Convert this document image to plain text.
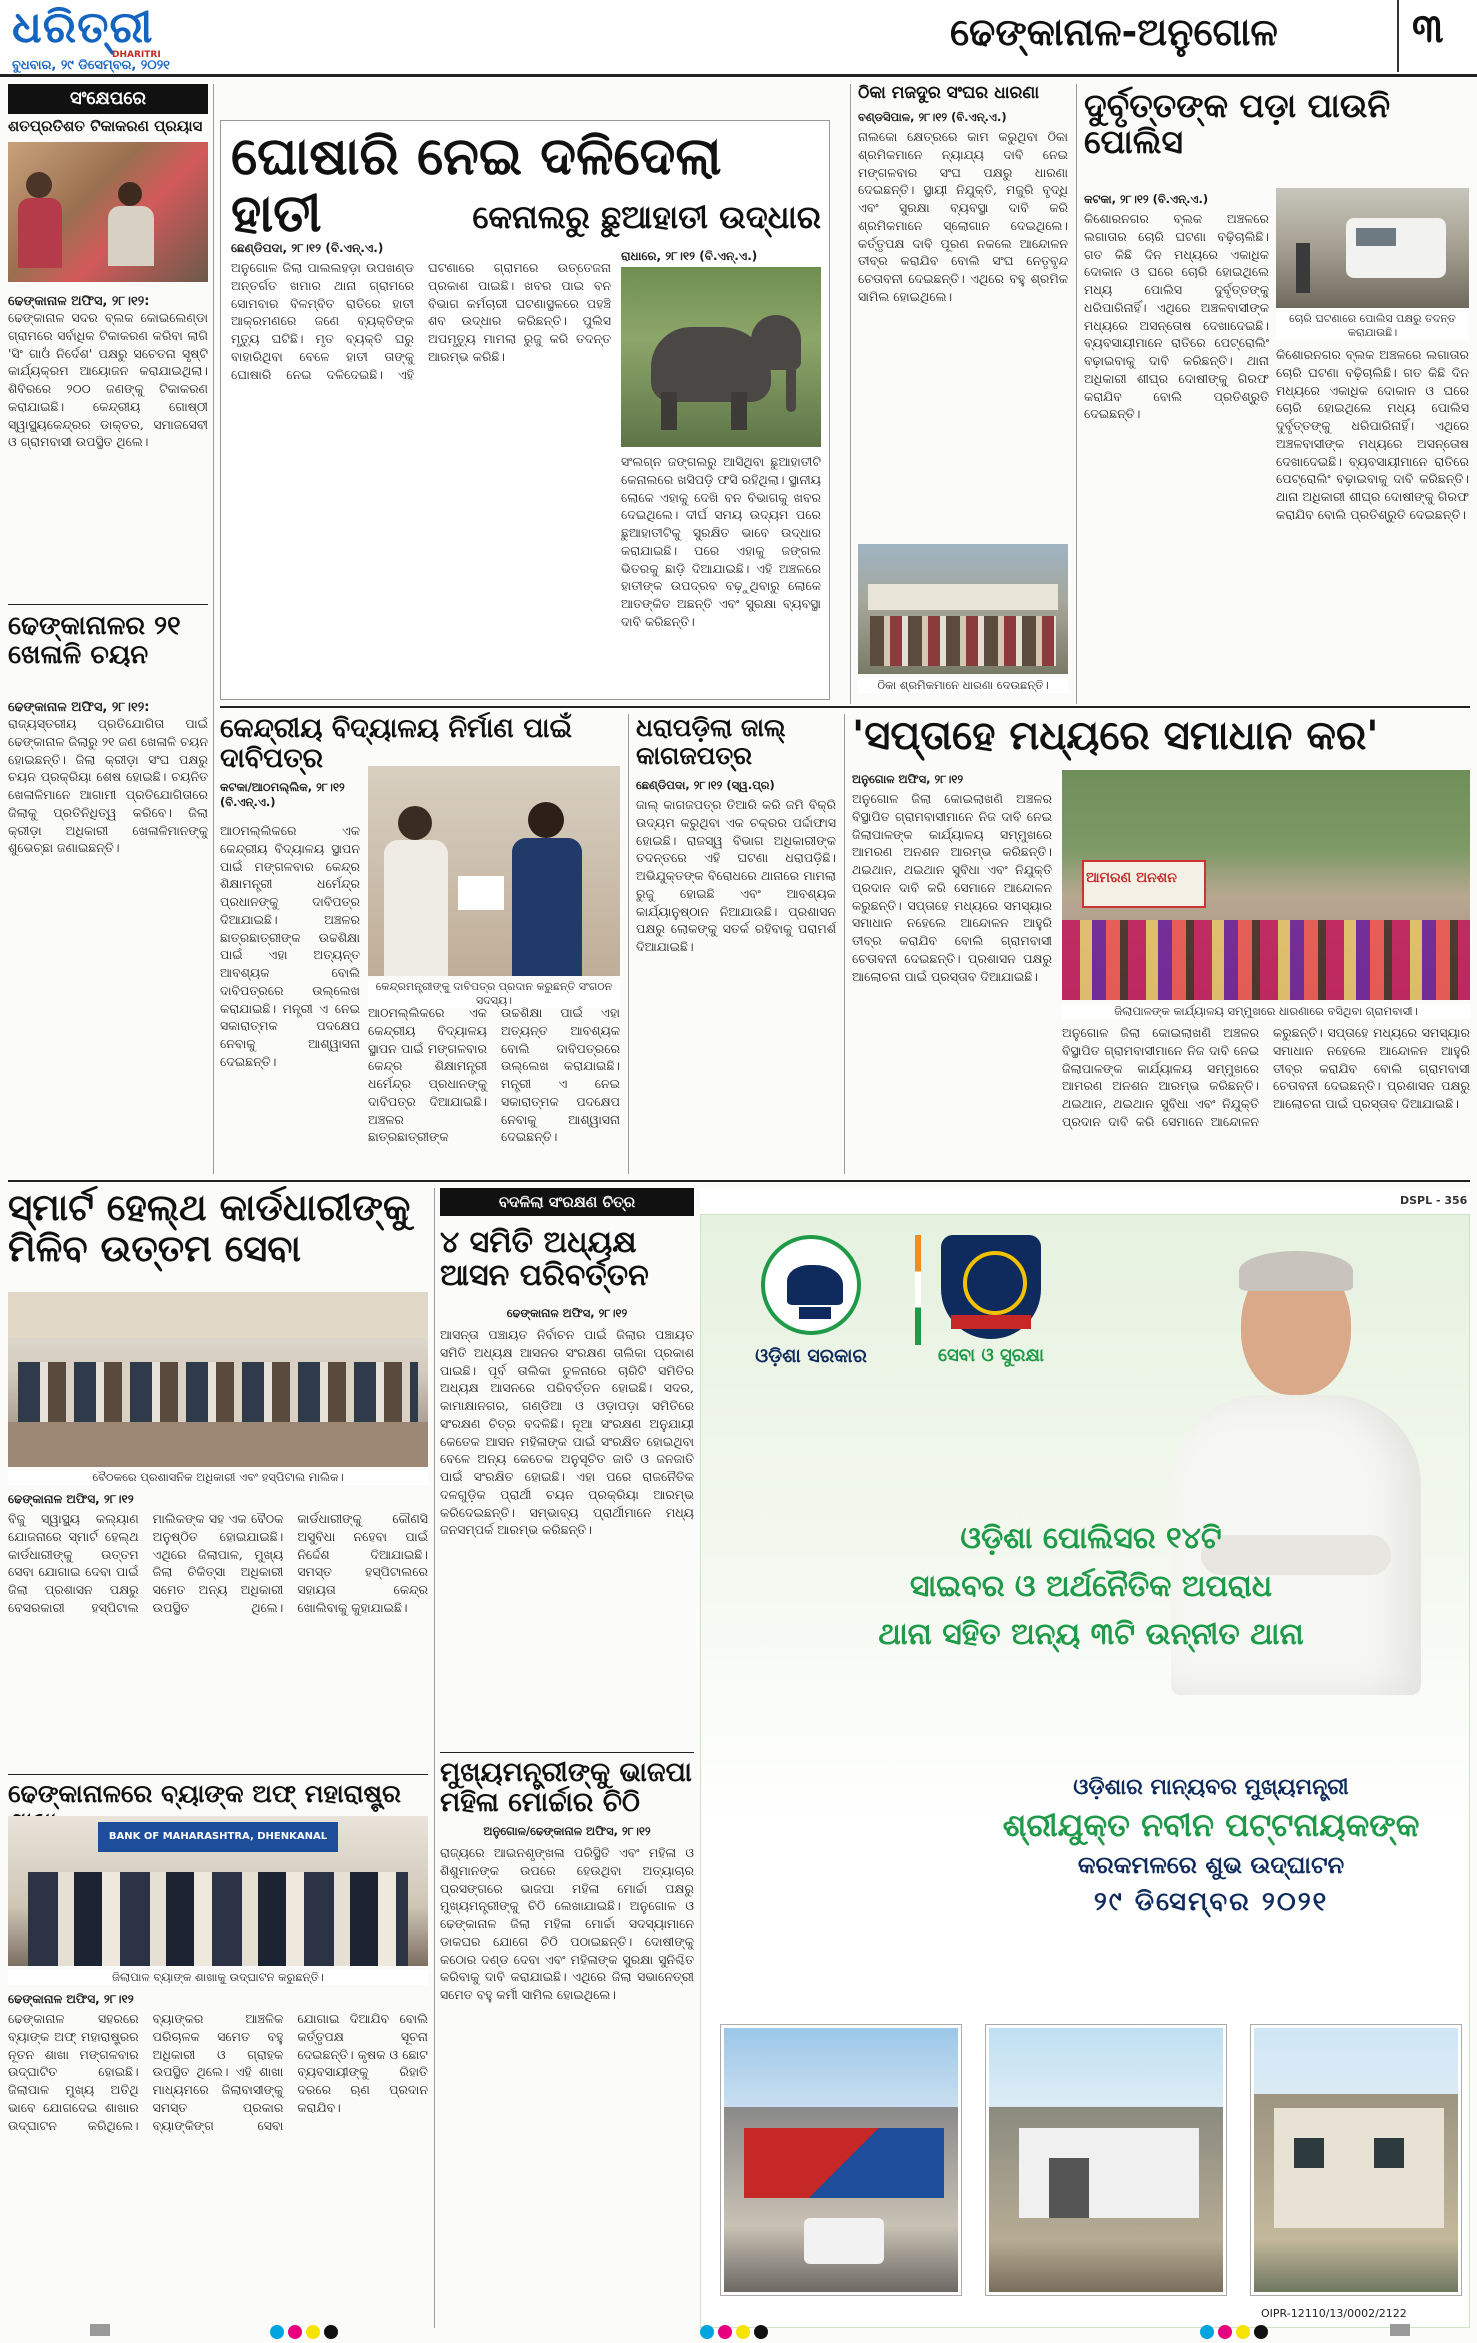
ଧରିତ୍ରୀ
DHARITRI
ବୁଧବାର, ୨୯ ଡିସେମ୍ବର, ୨୦୨୧
ଢେଙ୍କାନାଳ-ଅନୁଗୋଳ	୩
ସଂକ୍ଷେପରେ
ଶତପ୍ରତିଶତ ଟିକାକରଣ ପ୍ରୟାସ
ଢେଙ୍କାନାଳ ଅଫିସ, ୨୮।୧୨:
ଢେଙ୍କାନାଳ ସଦର ବ୍ଲକ କୋଇଲେଣ୍ଡା ଗ୍ରାମରେ ସର୍ବାଧିକ ଟିକାକରଣ କରିବା ଲାଗି 'ସିଂ ଗାଓଁ ନିର୍ଦେଶ' ପକ୍ଷରୁ ସଚେତନା ସୃଷ୍ଟି କାର୍ଯ୍ୟକ୍ରମ ଆୟୋଜନ କରାଯାଇଥିଲା। ଶିବିରରେ ୨୦୦ ଜଣଙ୍କୁ ଟିକାକରଣ କରାଯାଇଛି। କେନ୍ଦ୍ରୀୟ ଗୋଷ୍ଠୀ ସ୍ୱାସ୍ଥ୍ୟକେନ୍ଦ୍ରର ଡାକ୍ତର, ସମାଜସେବୀ ଓ ଗ୍ରାମବାସୀ ଉପସ୍ଥିତ ଥିଲେ।
ଢେଙ୍କାନାଳର ୨୧ ଖେଳାଳି ଚୟନ
ଢେଙ୍କାନାଳ ଅଫିସ, ୨୮।୧୨:
ରାଜ୍ୟସ୍ତରୀୟ ପ୍ରତିଯୋଗିତା ପାଇଁ ଢେଙ୍କାନାଳ ଜିଲାରୁ ୨୧ ଜଣ ଖେଳାଳି ଚୟନ ହୋଇଛନ୍ତି। ଜିଲା କ୍ରୀଡ଼ା ସଂଘ ପକ୍ଷରୁ ଚୟନ ପ୍ରକ୍ରିୟା ଶେଷ ହୋଇଛି। ଚୟନିତ ଖେଳାଳିମାନେ ଆଗାମୀ ପ୍ରତିଯୋଗିତାରେ ଜିଲାକୁ ପ୍ରତିନିଧିତ୍ୱ କରିବେ। ଜିଲା କ୍ରୀଡ଼ା ଅଧିକାରୀ ଖେଳାଳିମାନଙ୍କୁ ଶୁଭେଚ୍ଛା ଜଣାଇଛନ୍ତି।
ଘୋଷାରି ନେଇ ଦଳିଦେଲା ହାତୀ	କେନାଲରୁ ଛୁଆହାତୀ ଉଦ୍ଧାର
ଛେଣ୍ଡିପଦା, ୨୮।୧୨ (ବି.ଏନ୍.ଏ.)
ଅନୁଗୋଳ ଜିଲା ପାଲଲହଡ଼ା ଉପଖଣ୍ଡ ଅନ୍ତର୍ଗତ ଖମାର ଥାନା ଗ୍ରାମରେ ସୋମବାର ବିଳମ୍ବିତ ରାତିରେ ହାତୀ ଆକ୍ରମଣରେ ଜଣେ ବ୍ୟକ୍ତିଙ୍କ ମୃତ୍ୟୁ ଘଟିଛି। ମୃତ ବ୍ୟକ୍ତି ଘରୁ ବାହାରିଥିବା ବେଳେ ହାତୀ ତାଙ୍କୁ ଘୋଷାରି ନେଇ ଦଳିଦେଇଛି। ଏହି ଘଟଣାରେ ଗ୍ରାମରେ ଉତ୍ତେଜନା ପ୍ରକାଶ ପାଇଛି। ଖବର ପାଇ ବନ ବିଭାଗ କର୍ମଚାରୀ ଘଟଣାସ୍ଥଳରେ ପହଞ୍ଚି ଶବ ଉଦ୍ଧାର କରିଛନ୍ତି। ପୁଲିସ ଅପମୃତ୍ୟୁ ମାମଲା ରୁଜୁ କରି ତଦନ୍ତ ଆରମ୍ଭ କରିଛି।
ରାଧାରେ, ୨୮।୧୨ (ବି.ଏନ୍.ଏ.)
ସଂଲଗ୍ନ ଜଙ୍ଗଲରୁ ଆସିଥିବା ଛୁଆହାତୀଟି କେନାଲରେ ଖସିପଡ଼ି ଫସି ରହିଥିଲା। ସ୍ଥାନୀୟ ଲୋକେ ଏହାକୁ ଦେଖି ବନ ବିଭାଗକୁ ଖବର ଦେଇଥିଲେ। ଦୀର୍ଘ ସମୟ ଉଦ୍ୟମ ପରେ ଛୁଆହାତୀଟିକୁ ସୁରକ୍ଷିତ ଭାବେ ଉଦ୍ଧାର କରାଯାଇଛି। ପରେ ଏହାକୁ ଜଙ୍ଗଲ ଭିତରକୁ ଛାଡ଼ି ଦିଆଯାଇଛି। ଏହି ଅଞ୍ଚଳରେ ହାତୀଙ୍କ ଉପଦ୍ରବ ବଢ଼ୁଥିବାରୁ ଲୋକେ ଆତଙ୍କିତ ଅଛନ୍ତି ଏବଂ ସୁରକ୍ଷା ବ୍ୟବସ୍ଥା ଦାବି କରିଛନ୍ତି।
ଠିକା ମଜଦୁର ସଂଘର ଧାରଣା
ବଣ୍ଡସିପାଳ, ୨୮।୧୨ (ବି.ଏନ୍.ଏ.)
ନାଲକୋ କ୍ଷେତ୍ରରେ କାମ କରୁଥିବା ଠିକା ଶ୍ରମିକମାନେ ନ୍ୟାଯ୍ୟ ଦାବି ନେଇ ମଙ୍ଗଳବାର ସଂଘ ପକ୍ଷରୁ ଧାରଣା ଦେଇଛନ୍ତି। ସ୍ଥାୟୀ ନିଯୁକ୍ତି, ମଜୁରି ବୃଦ୍ଧି ଏବଂ ସୁରକ୍ଷା ବ୍ୟବସ୍ଥା ଦାବି କରି ଶ୍ରମିକମାନେ ସ୍ଲୋଗାନ ଦେଇଥିଲେ। କର୍ତ୍ତୃପକ୍ଷ ଦାବି ପୂରଣ ନକଲେ ଆନ୍ଦୋଳନ ତୀବ୍ର କରାଯିବ ବୋଲି ସଂଘ ନେତୃବୃନ୍ଦ ଚେତାବନୀ ଦେଇଛନ୍ତି। ଏଥିରେ ବହୁ ଶ୍ରମିକ ସାମିଲ ହୋଇଥିଲେ।
ଠିକା ଶ୍ରମିକମାନେ ଧାରଣା ଦେଉଛନ୍ତି।
ଦୁର୍ବୃତ୍ତଙ୍କ ପଡ଼ା ପାଉନି ପୋଲିସ
କଟକା, ୨୮।୧୨ (ବି.ଏନ୍.ଏ.)
ଚୋରି ଘଟଣାରେ ପୋଲିସ ପକ୍ଷରୁ ତଦନ୍ତ କରାଯାଉଛି।
କିଶୋରନଗର ବ୍ଲକ ଅଞ୍ଚଳରେ ଲଗାତାର ଚୋରି ଘଟଣା ବଢ଼ିଚାଲିଛି। ଗତ କିଛି ଦିନ ମଧ୍ୟରେ ଏକାଧିକ ଦୋକାନ ଓ ଘରେ ଚୋରି ହୋଇଥିଲେ ମଧ୍ୟ ପୋଲିସ ଦୁର୍ବୃତ୍ତଙ୍କୁ ଧରିପାରିନାହିଁ। ଏଥିରେ ଅଞ୍ଚଳବାସୀଙ୍କ ମଧ୍ୟରେ ଅସନ୍ତୋଷ ଦେଖାଦେଇଛି। ବ୍ୟବସାୟୀମାନେ ରାତିରେ ପେଟ୍ରୋଲିଂ ବଢ଼ାଇବାକୁ ଦାବି କରିଛନ୍ତି। ଥାନା ଅଧିକାରୀ ଶୀଘ୍ର ଦୋଷୀଙ୍କୁ ଗିରଫ କରାଯିବ ବୋଲି ପ୍ରତିଶ୍ରୁତି ଦେଇଛନ୍ତି।
କିଶୋରନଗର ବ୍ଲକ ଅଞ୍ଚଳରେ ଲଗାତାର ଚୋରି ଘଟଣା ବଢ଼ିଚାଲିଛି। ଗତ କିଛି ଦିନ ମଧ୍ୟରେ ଏକାଧିକ ଦୋକାନ ଓ ଘରେ ଚୋରି ହୋଇଥିଲେ ମଧ୍ୟ ପୋଲିସ ଦୁର୍ବୃତ୍ତଙ୍କୁ ଧରିପାରିନାହିଁ। ଏଥିରେ ଅଞ୍ଚଳବାସୀଙ୍କ ମଧ୍ୟରେ ଅସନ୍ତୋଷ ଦେଖାଦେଇଛି। ବ୍ୟବସାୟୀମାନେ ରାତିରେ ପେଟ୍ରୋଲିଂ ବଢ଼ାଇବାକୁ ଦାବି କରିଛନ୍ତି। ଥାନା ଅଧିକାରୀ ଶୀଘ୍ର ଦୋଷୀଙ୍କୁ ଗିରଫ କରାଯିବ ବୋଲି ପ୍ରତିଶ୍ରୁତି ଦେଇଛନ୍ତି।
କେନ୍ଦ୍ରୀୟ ବିଦ୍ୟାଳୟ ନିର୍ମାଣ ପାଇଁ ଦାବିପତ୍ର
କଟକା/ଆଠମଲ୍ଲିକ, ୨୮।୧୨ (ବି.ଏନ୍.ଏ.)
କେନ୍ଦ୍ରମନ୍ତ୍ରୀଙ୍କୁ ଦାବିପତ୍ର ପ୍ରଦାନ କରୁଛନ୍ତି ସଂଗଠନ ସଦସ୍ୟ।
ଆଠମଲ୍ଲିକରେ ଏକ କେନ୍ଦ୍ରୀୟ ବିଦ୍ୟାଳୟ ସ୍ଥାପନ ପାଇଁ ମଙ୍ଗଳବାର କେନ୍ଦ୍ର ଶିକ୍ଷାମନ୍ତ୍ରୀ ଧର୍ମେନ୍ଦ୍ର ପ୍ରଧାନଙ୍କୁ ଦାବିପତ୍ର ଦିଆଯାଇଛି। ଅଞ୍ଚଳର ଛାତ୍ରଛାତ୍ରୀଙ୍କ ଉଚ୍ଚଶିକ୍ଷା ପାଇଁ ଏହା ଅତ୍ୟନ୍ତ ଆବଶ୍ୟକ ବୋଲି ଦାବିପତ୍ରରେ ଉଲ୍ଲେଖ କରାଯାଇଛି। ମନ୍ତ୍ରୀ ଏ ନେଇ ସକାରାତ୍ମକ ପଦକ୍ଷେପ ନେବାକୁ ଆଶ୍ୱାସନା ଦେଇଛନ୍ତି।
ଆଠମଲ୍ଲିକରେ ଏକ କେନ୍ଦ୍ରୀୟ ବିଦ୍ୟାଳୟ ସ୍ଥାପନ ପାଇଁ ମଙ୍ଗଳବାର କେନ୍ଦ୍ର ଶିକ୍ଷାମନ୍ତ୍ରୀ ଧର୍ମେନ୍ଦ୍ର ପ୍ରଧାନଙ୍କୁ ଦାବିପତ୍ର ଦିଆଯାଇଛି। ଅଞ୍ଚଳର ଛାତ୍ରଛାତ୍ରୀଙ୍କ ଉଚ୍ଚଶିକ୍ଷା ପାଇଁ ଏହା ଅତ୍ୟନ୍ତ ଆବଶ୍ୟକ ବୋଲି ଦାବିପତ୍ରରେ ଉଲ୍ଲେଖ କରାଯାଇଛି। ମନ୍ତ୍ରୀ ଏ ନେଇ ସକାରାତ୍ମକ ପଦକ୍ଷେପ ନେବାକୁ ଆଶ୍ୱାସନା ଦେଇଛନ୍ତି।
ଧରାପଡ଼ିଲା ଜାଲ୍ କାଗଜପତ୍ର
ଛେଣ୍ଡିପଦା, ୨୮।୧୨ (ସ୍ୱ.ପ୍ର)
ଜାଲ୍ କାଗଜପତ୍ର ତିଆରି କରି ଜମି ବିକ୍ରି ଉଦ୍ୟମ କରୁଥିବା ଏକ ଚକ୍ରର ପର୍ଦ୍ଦାଫାସ ହୋଇଛି। ରାଜସ୍ୱ ବିଭାଗ ଅଧିକାରୀଙ୍କ ତଦନ୍ତରେ ଏହି ଘଟଣା ଧରାପଡ଼ିଛି। ଅଭିଯୁକ୍ତଙ୍କ ବିରୋଧରେ ଥାନାରେ ମାମଲା ରୁଜୁ ହୋଇଛି ଏବଂ ଆବଶ୍ୟକ କାର୍ଯ୍ୟାନୁଷ୍ଠାନ ନିଆଯାଉଛି। ପ୍ରଶାସନ ପକ୍ଷରୁ ଲୋକଙ୍କୁ ସତର୍କ ରହିବାକୁ ପରାମର୍ଶ ଦିଆଯାଇଛି।
'ସପ୍ତାହେ ମଧ୍ୟରେ ସମାଧାନ କର'
ଅନୁଗୋଳ ଅଫିସ, ୨୮।୧୨
ଅନୁଗୋଳ ଜିଲା କୋଇଲାଖଣି ଅଞ୍ଚଳର ବିସ୍ଥାପିତ ଗ୍ରାମବାସୀମାନେ ନିଜ ଦାବି ନେଇ ଜିଲାପାଳଙ୍କ କାର୍ଯ୍ୟାଳୟ ସମ୍ମୁଖରେ ଆମରଣ ଅନଶନ ଆରମ୍ଭ କରିଛନ୍ତି। ଥଇଥାନ, ଥଇଥାନ ସୁବିଧା ଏବଂ ନିଯୁକ୍ତି ପ୍ରଦାନ ଦାବି କରି ସେମାନେ ଆନ୍ଦୋଳନ କରୁଛନ୍ତି। ସପ୍ତାହେ ମଧ୍ୟରେ ସମସ୍ୟାର ସମାଧାନ ନହେଲେ ଆନ୍ଦୋଳନ ଆହୁରି ତୀବ୍ର କରାଯିବ ବୋଲି ଗ୍ରାମବାସୀ ଚେତାବନୀ ଦେଇଛନ୍ତି। ପ୍ରଶାସନ ପକ୍ଷରୁ ଆଲୋଚନା ପାଇଁ ପ୍ରସ୍ତାବ ଦିଆଯାଇଛି।
ଆମରଣ ଅନଶନ
ଜିଲାପାଳଙ୍କ କାର୍ଯ୍ୟାଳୟ ସମ୍ମୁଖରେ ଧାରଣାରେ ବସିଥିବା ଗ୍ରାମବାସୀ।
ଅନୁଗୋଳ ଜିଲା କୋଇଲାଖଣି ଅଞ୍ଚଳର ବିସ୍ଥାପିତ ଗ୍ରାମବାସୀମାନେ ନିଜ ଦାବି ନେଇ ଜିଲାପାଳଙ୍କ କାର୍ଯ୍ୟାଳୟ ସମ୍ମୁଖରେ ଆମରଣ ଅନଶନ ଆରମ୍ଭ କରିଛନ୍ତି। ଥଇଥାନ, ଥଇଥାନ ସୁବିଧା ଏବଂ ନିଯୁକ୍ତି ପ୍ରଦାନ ଦାବି କରି ସେମାନେ ଆନ୍ଦୋଳନ କରୁଛନ୍ତି। ସପ୍ତାହେ ମଧ୍ୟରେ ସମସ୍ୟାର ସମାଧାନ ନହେଲେ ଆନ୍ଦୋଳନ ଆହୁରି ତୀବ୍ର କରାଯିବ ବୋଲି ଗ୍ରାମବାସୀ ଚେତାବନୀ ଦେଇଛନ୍ତି। ପ୍ରଶାସନ ପକ୍ଷରୁ ଆଲୋଚନା ପାଇଁ ପ୍ରସ୍ତାବ ଦିଆଯାଇଛି।
ସ୍ମାର୍ଟ ହେଲ୍ଥ କାର୍ଡଧାରୀଙ୍କୁ ମିଳିବ ଉତ୍ତମ ସେବା
ବୈଠକରେ ପ୍ରଶାସନିକ ଅଧିକାରୀ ଏବଂ ହସ୍ପିଟାଲ ମାଲିକ।
ଢେଙ୍କାନାଳ ଅଫିସ, ୨୮।୧୨
ବିଜୁ ସ୍ୱାସ୍ଥ୍ୟ କଲ୍ୟାଣ ଯୋଜନାରେ ସ୍ମାର୍ଟ ହେଲ୍ଥ କାର୍ଡଧାରୀଙ୍କୁ ଉତ୍ତମ ସେବା ଯୋଗାଇ ଦେବା ପାଇଁ ଜିଲା ପ୍ରଶାସନ ପକ୍ଷରୁ ବେସରକାରୀ ହସ୍ପିଟାଲ ମାଲିକଙ୍କ ସହ ଏକ ବୈଠକ ଅନୁଷ୍ଠିତ ହୋଇଯାଇଛି। ଏଥିରେ ଜିଲାପାଳ, ମୁଖ୍ୟ ଜିଲା ଚିକିତ୍ସା ଅଧିକାରୀ ସମେତ ଅନ୍ୟ ଅଧିକାରୀ ଉପସ୍ଥିତ ଥିଲେ। କାର୍ଡଧାରୀଙ୍କୁ କୌଣସି ଅସୁବିଧା ନହେବା ପାଇଁ ନିର୍ଦ୍ଦେଶ ଦିଆଯାଇଛି। ସମସ୍ତ ହସ୍ପିଟାଲରେ ସହାୟତା କେନ୍ଦ୍ର ଖୋଲିବାକୁ କୁହାଯାଇଛି।
ଢେଙ୍କାନାଳରେ ବ୍ୟାଙ୍କ ଅଫ୍ ମହାରାଷ୍ଟ୍ର
BANK OF MAHARASHTRA, DHENKANAL
ଜିଲାପାଳ ବ୍ୟାଙ୍କ ଶାଖାକୁ ଉଦ୍‌ଘାଟନ କରୁଛନ୍ତି।
ଢେଙ୍କାନାଳ ଅଫିସ, ୨୮।୧୨
ଢେଙ୍କାନାଳ ସହରରେ ବ୍ୟାଙ୍କ ଅଫ୍ ମହାରାଷ୍ଟ୍ରର ନୂତନ ଶାଖା ମଙ୍ଗଳବାର ଉଦ୍‌ଘାଟିତ ହୋଇଛି। ଜିଲାପାଳ ମୁଖ୍ୟ ଅତିଥି ଭାବେ ଯୋଗଦେଇ ଶାଖାର ଉଦ୍‌ଘାଟନ କରିଥିଲେ। ବ୍ୟାଙ୍କର ଆଞ୍ଚଳିକ ପରିଚାଳକ ସମେତ ବହୁ ଅଧିକାରୀ ଓ ଗ୍ରାହକ ଉପସ୍ଥିତ ଥିଲେ। ଏହି ଶାଖା ମାଧ୍ୟମରେ ଜିଲାବାସୀଙ୍କୁ ସମସ୍ତ ପ୍ରକାର ବ୍ୟାଙ୍କିଙ୍ଗ ସେବା ଯୋଗାଇ ଦିଆଯିବ ବୋଲି କର୍ତ୍ତୃପକ୍ଷ ସୂଚନା ଦେଇଛନ୍ତି। କୃଷକ ଓ ଛୋଟ ବ୍ୟବସାୟୀଙ୍କୁ ରିହାତି ଦରରେ ଋଣ ପ୍ରଦାନ କରାଯିବ।
ବଦଳିଲା ସଂରକ୍ଷଣ ଚିତ୍ର
୪ ସମିତି ଅଧ୍ୟକ୍ଷ ଆସନ ପରିବର୍ତ୍ତନ
ଢେଙ୍କାନାଳ ଅଫିସ, ୨୮।୧୨
ଆସନ୍ତା ପଞ୍ଚାୟତ ନିର୍ବାଚନ ପାଇଁ ଜିଲାର ପଞ୍ଚାୟତ ସମିତି ଅଧ୍ୟକ୍ଷ ଆସନର ସଂରକ୍ଷଣ ତାଲିକା ପ୍ରକାଶ ପାଇଛି। ପୂର୍ବ ତାଲିକା ତୁଳନାରେ ଚାରିଟି ସମିତିର ଅଧ୍ୟକ୍ଷ ଆସନରେ ପରିବର୍ତ୍ତନ ହୋଇଛି। ସଦର, କାମାକ୍ଷାନଗର, ଗଣ୍ଡିଆ ଓ ଓଡ଼ାପଡ଼ା ସମିତିରେ ସଂରକ୍ଷଣ ଚିତ୍ର ବଦଳିଛି। ନୂଆ ସଂରକ୍ଷଣ ଅନୁଯାୟୀ କେତେକ ଆସନ ମହିଳାଙ୍କ ପାଇଁ ସଂରକ୍ଷିତ ହୋଇଥିବା ବେଳେ ଅନ୍ୟ କେତେକ ଅନୁସୂଚିତ ଜାତି ଓ ଜନଜାତି ପାଇଁ ସଂରକ୍ଷିତ ହୋଇଛି। ଏହା ପରେ ରାଜନୈତିକ ଦଳଗୁଡ଼ିକ ପ୍ରାର୍ଥୀ ଚୟନ ପ୍ରକ୍ରିୟା ଆରମ୍ଭ କରିଦେଇଛନ୍ତି। ସମ୍ଭାବ୍ୟ ପ୍ରାର୍ଥୀମାନେ ମଧ୍ୟ ଜନସମ୍ପର୍କ ଆରମ୍ଭ କରିଛନ୍ତି।
ମୁଖ୍ୟମନ୍ତ୍ରୀଙ୍କୁ ଭାଜପା ମହିଳା ମୋର୍ଚ୍ଚାର ଚିଠି
ଅନୁଗୋଳ/ଢେଙ୍କାନାଳ ଅଫିସ, ୨୮।୧୨
ରାଜ୍ୟରେ ଆଇନଶୃଙ୍ଖଳା ପରିସ୍ଥିତି ଏବଂ ମହିଳା ଓ ଶିଶୁମାନଙ୍କ ଉପରେ ହେଉଥିବା ଅତ୍ୟାଚାର ପ୍ରସଙ୍ଗରେ ଭାଜପା ମହିଳା ମୋର୍ଚ୍ଚା ପକ୍ଷରୁ ମୁଖ୍ୟମନ୍ତ୍ରୀଙ୍କୁ ଚିଠି ଲେଖାଯାଇଛି। ଅନୁଗୋଳ ଓ ଢେଙ୍କାନାଳ ଜିଲା ମହିଳା ମୋର୍ଚ୍ଚା ସଦସ୍ୟାମାନେ ଡାକଘର ଯୋଗେ ଚିଠି ପଠାଇଛନ୍ତି। ଦୋଷୀଙ୍କୁ କଠୋର ଦଣ୍ଡ ଦେବା ଏବଂ ମହିଳାଙ୍କ ସୁରକ୍ଷା ସୁନିଶ୍ଚିତ କରିବାକୁ ଦାବି କରାଯାଇଛି। ଏଥିରେ ଜିଲା ସଭାନେତ୍ରୀ ସମେତ ବହୁ କର୍ମୀ ସାମିଲ ହୋଇଥିଲେ।
DSPL - 356
ଓଡ଼ିଶା ସରକାର	ସେବା ଓ ସୁରକ୍ଷା
ଓଡ଼ିଶା ପୋଲିସର ୧୪ଟି
ସାଇବର ଓ ଅର୍ଥନୈତିକ ଅପରାଧ
ଥାନା ସହିତ ଅନ୍ୟ ୩ଟି ଉନ୍ନୀତ ଥାନା
ଓଡ଼ିଶାର ମାନ୍ୟବର ମୁଖ୍ୟମନ୍ତ୍ରୀ
ଶ୍ରୀଯୁକ୍ତ ନବୀନ ପଟ୍ଟନାୟକଙ୍କ
କରକମଳରେ ଶୁଭ ଉଦ୍‌ଘାଟନ
୨୯ ଡିସେମ୍ବର ୨୦୨୧
OIPR-12110/13/0002/2122
